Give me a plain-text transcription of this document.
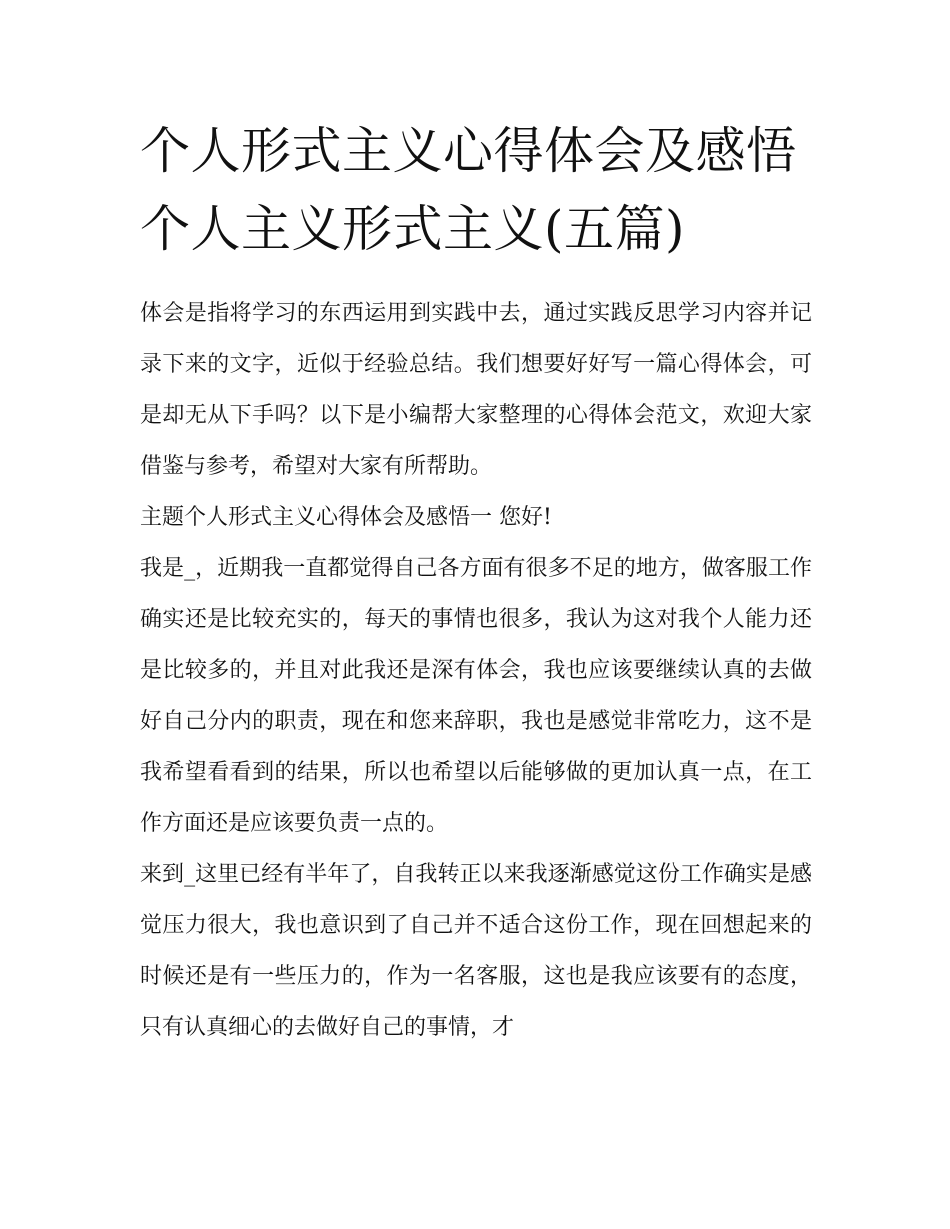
个人形式主义心得体会及感悟
个人主义形式主义(五篇)

体会是指将学习的东西运用到实践中去，通过实践反思学习内容并记录下来的文字，近似于经验总结。我们想要好好写一篇心得体会，可是却无从下手吗？以下是小编帮大家整理的心得体会范文，欢迎大家借鉴与参考，希望对大家有所帮助。

主题个人形式主义心得体会及感悟一 您好!

我是_，近期我一直都觉得自己各方面有很多不足的地方，做客服工作确实还是比较充实的，每天的事情也很多，我认为这对我个人能力还是比较多的，并且对此我还是深有体会，我也应该要继续认真的去做好自己分内的职责，现在和您来辞职，我也是感觉非常吃力，这不是我希望看看到的结果，所以也希望以后能够做的更加认真一点，在工作方面还是应该要负责一点的。

来到_这里已经有半年了，自我转正以来我逐渐感觉这份工作确实是感觉压力很大，我也意识到了自己并不适合这份工作，现在回想起来的时候还是有一些压力的，作为一名客服，这也是我应该要有的态度，只有认真细心的去做好自己的事情，才
